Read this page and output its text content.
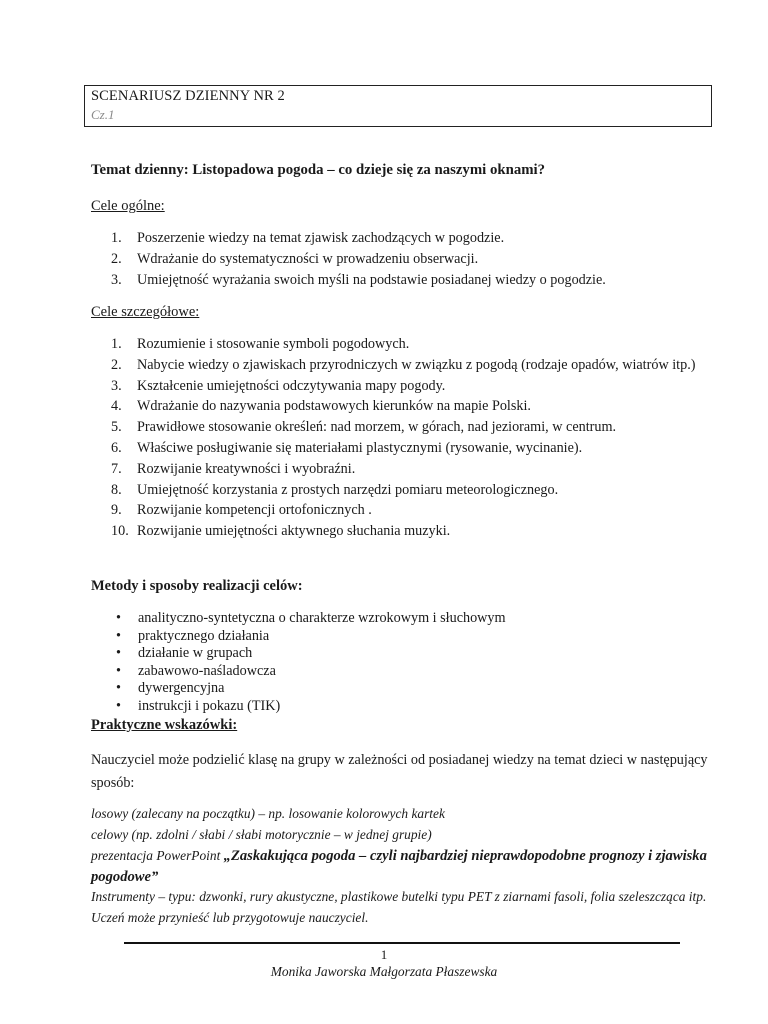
SCENARIUSZ DZIENNY NR 2
Cz.1
Temat dzienny: Listopadowa pogoda – co dzieje się za naszymi oknami?
Cele ogólne:
1. Poszerzenie wiedzy na temat zjawisk zachodzących w pogodzie.
2. Wdrażanie do systematyczności w prowadzeniu obserwacji.
3. Umiejętność wyrażania swoich myśli na podstawie posiadanej wiedzy o pogodzie.
Cele szczegółowe:
1. Rozumienie i stosowanie symboli pogodowych.
2. Nabycie wiedzy o zjawiskach przyrodniczych w związku z pogodą (rodzaje opadów, wiatrów itp.)
3. Kształcenie umiejętności odczytywania mapy pogody.
4. Wdrażanie do nazywania podstawowych kierunków na mapie Polski.
5. Prawidłowe stosowanie określeń: nad morzem, w górach, nad jeziorami, w centrum.
6. Właściwe posługiwanie się materiałami plastycznymi (rysowanie, wycinanie).
7. Rozwijanie kreatywności i wyobraźni.
8. Umiejętność korzystania z prostych narzędzi pomiaru meteorologicznego.
9. Rozwijanie kompetencji ortofonicznych .
10. Rozwijanie umiejętności aktywnego słuchania muzyki.
Metody i sposoby realizacji celów:
• analityczno-syntetyczna o charakterze wzrokowym i słuchowym
• praktycznego działania
• działanie w grupach
• zabawowo-naśladowcza
• dywergencyjna
• instrukcji i pokazu (TIK)
Praktyczne wskazówki:
Nauczyciel może podzielić klasę na grupy w zależności od posiadanej wiedzy na temat dzieci w następujący sposób:
losowy (zalecany na początku) – np. losowanie kolorowych kartek
celowy (np. zdolni / słabi / słabi motorycznie – w jednej grupie)
prezentacja PowerPoint „Zaskakująca pogoda – czyli najbardziej nieprawdopodobne prognozy i zjawiska pogodowe”
Instrumenty – typu: dzwonki, rury akustyczne, plastikowe butelki typu PET z ziarnami fasoli, folia szeleszcząca itp. Uczeń może przynieść lub przygotowuje nauczyciel.
1
Monika Jaworska Małgorzata Płaszewska
